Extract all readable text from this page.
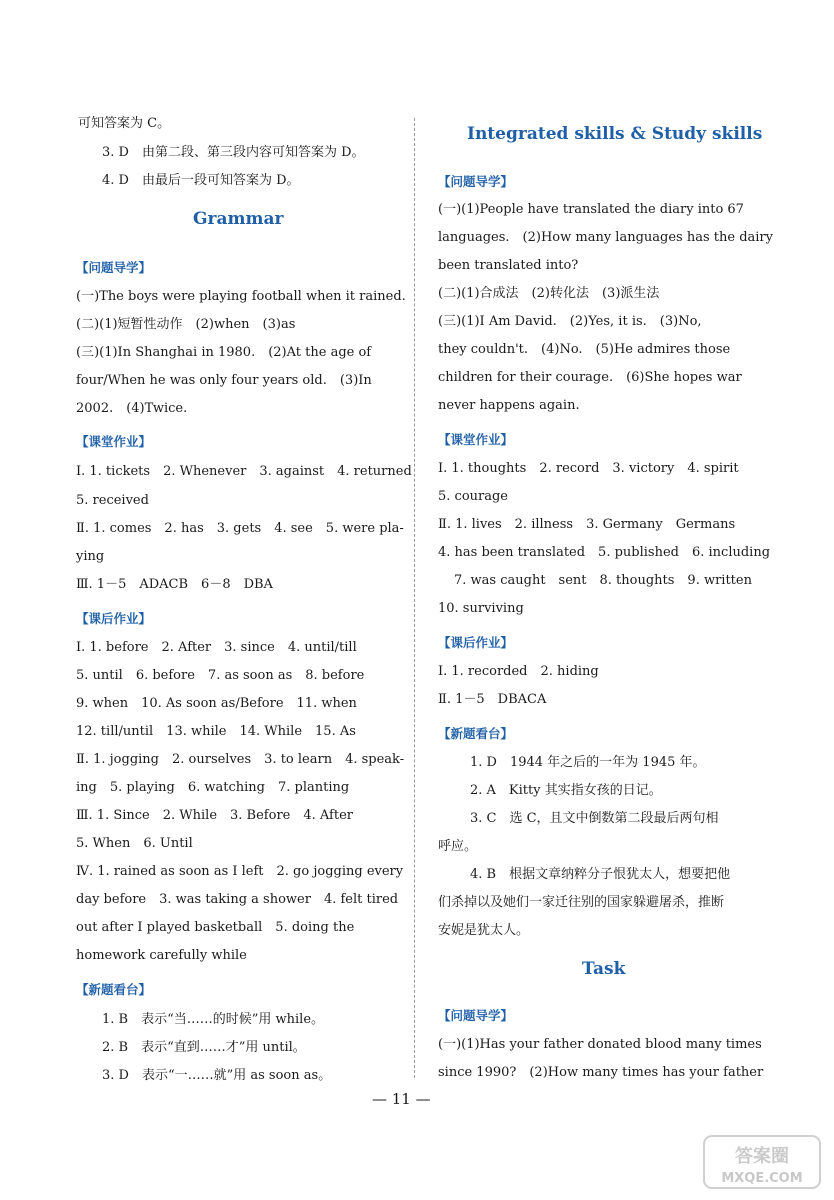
可知答案为 C。
3. D　由第二段、第三段内容可知答案为 D。
4. D　由最后一段可知答案为 D。
Grammar
【问题导学】
(一)The boys were playing football when it rained.
(二)(1)短暂性动作　(2)when　(3)as
(三)(1)In Shanghai in 1980.　(2)At the age of
four/When he was only four years old.　(3)In
2002.　(4)Twice.
【课堂作业】
Ⅰ. 1. tickets　2. Whenever　3. against　4. returned
5. received
Ⅱ. 1. comes　2. has　3. gets　4. see　5. were pla-
ying
Ⅲ. 1－5　ADACB　6－8　DBA
【课后作业】
Ⅰ. 1. before　2. After　3. since　4. until/till
5. until　6. before　7. as soon as　8. before
9. when　10. As soon as/Before　11. when
12. till/until　13. while　14. While　15. As
Ⅱ. 1. jogging　2. ourselves　3. to learn　4. speak-
ing　5. playing　6. watching　7. planting
Ⅲ. 1. Since　2. While　3. Before　4. After
5. When　6. Until
Ⅳ. 1. rained as soon as I left　2. go jogging every
day before　3. was taking a shower　4. felt tired
out after I played basketball　5. doing the
homework carefully while
【新题看台】
1. B　表示“当……的时候”用 while。
2. B　表示“直到……才”用 until。
3. D　表示“一……就”用 as soon as。
Integrated skills & Study skills
【问题导学】
(一)(1)People have translated the diary into 67
languages.　(2)How many languages has the dairy
been translated into?
(二)(1)合成法　(2)转化法　(3)派生法
(三)(1)I Am David.　(2)Yes, it is.　(3)No,
they couldn't.　(4)No.　(5)He admires those
children for their courage.　(6)She hopes war
never happens again.
【课堂作业】
Ⅰ. 1. thoughts　2. record　3. victory　4. spirit
5. courage
Ⅱ. 1. lives　2. illness　3. Germany　Germans
4. has been translated　5. published　6. including
7. was caught　sent　8. thoughts　9. written
10. surviving
【课后作业】
Ⅰ. 1. recorded　2. hiding
Ⅱ. 1－5　DBACA
【新题看台】
1. D　1944 年之后的一年为 1945 年。
2. A　Kitty 其实指女孩的日记。
3. C　选 C，且文中倒数第二段最后两句相
呼应。
4. B　根据文章纳粹分子恨犹太人，想要把他
们杀掉以及她们一家迁往别的国家躲避屠杀，推断
安妮是犹太人。
Task
【问题导学】
(一)(1)Has your father donated blood many times
since 1990?　(2)How many times has your father
— 11 —
答案圈
MXQE.COM
